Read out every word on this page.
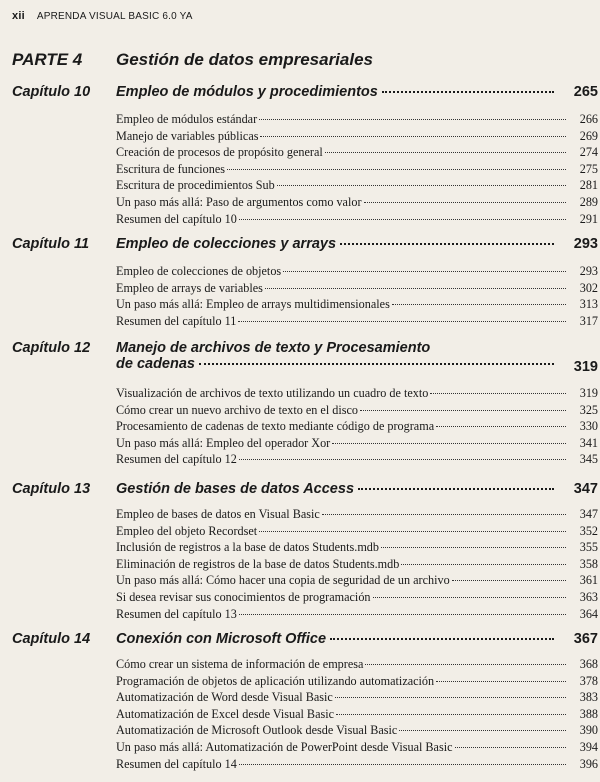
xii APRENDA VISUAL BASIC 6.0 YA
PARTE 4	Gestión de datos empresariales
Capítulo 10	Empleo de módulos y procedimientos	265
Empleo de módulos estándar	266
Manejo de variables públicas	269
Creación de procesos de propósito general	274
Escritura de funciones	275
Escritura de procedimientos Sub	281
Un paso más allá: Paso de argumentos como valor	289
Resumen del capítulo 10	291
Capítulo 11	Empleo de colecciones y arrays	293
Empleo de colecciones de objetos	293
Empleo de arrays de variables	302
Un paso más allá: Empleo de arrays multidimensionales	313
Resumen del capítulo 11	317
Capítulo 12	Manejo de archivos de texto y Procesamiento
de cadenas	319
Visualización de archivos de texto utilizando un cuadro de texto	319
Cómo crear un nuevo archivo de texto en el disco	325
Procesamiento de cadenas de texto mediante código de programa	330
Un paso más allá: Empleo del operador Xor	341
Resumen del capítulo 12	345
Capítulo 13	Gestión de bases de datos Access	347
Empleo de bases de datos en Visual Basic	347
Empleo del objeto Recordset	352
Inclusión de registros a la base de datos Students.mdb	355
Eliminación de registros de la base de datos Students.mdb	358
Un paso más allá: Cómo hacer una copia de seguridad de un archivo	361
Si desea revisar sus conocimientos de programación	363
Resumen del capítulo 13	364
Capítulo 14	Conexión con Microsoft Office	367
Cómo crear un sistema de información de empresa	368
Programación de objetos de aplicación utilizando automatización	378
Automatización de Word desde Visual Basic	383
Automatización de Excel desde Visual Basic	388
Automatización de Microsoft Outlook desde Visual Basic	390
Un paso más allá: Automatización de PowerPoint desde Visual Basic	394
Resumen del capítulo 14	396
